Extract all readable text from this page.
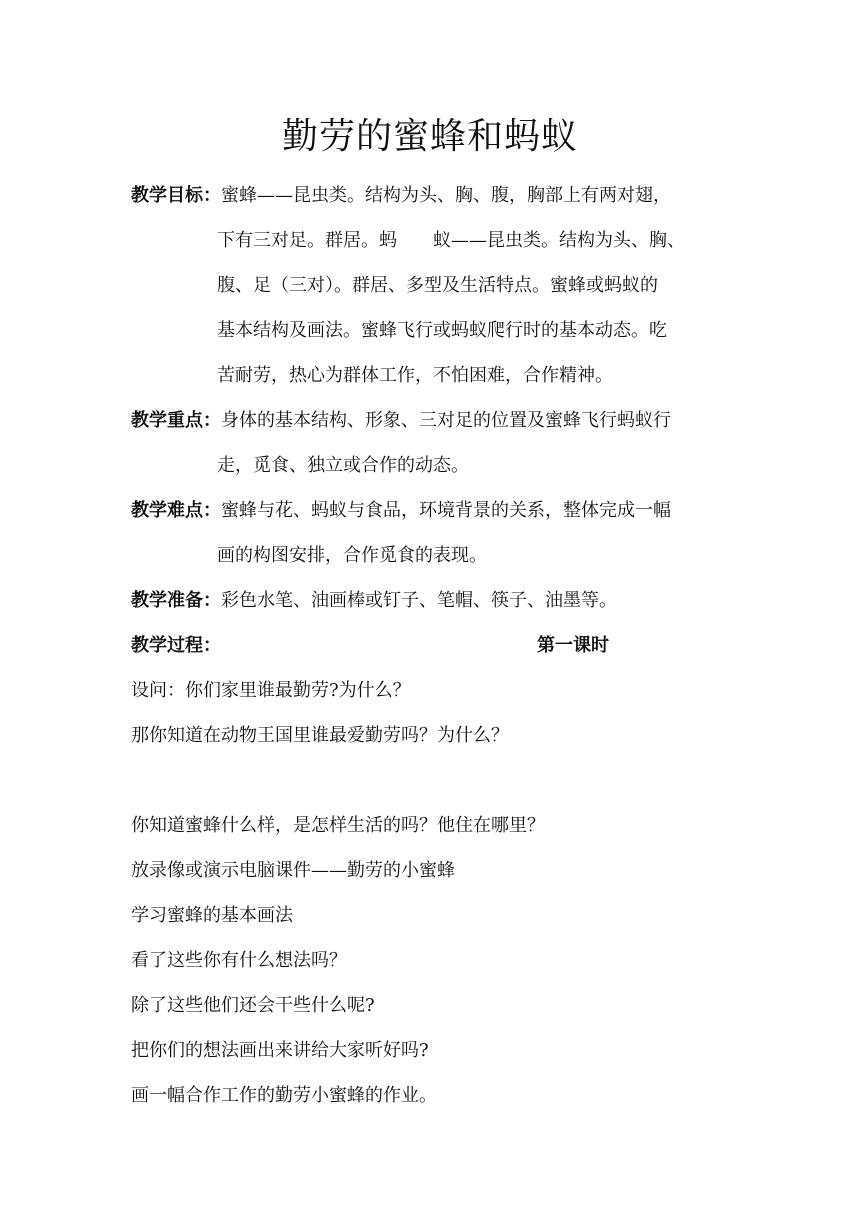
勤劳的蜜蜂和蚂蚁
教学目标：蜜蜂——昆虫类。结构为头、胸、腹，胸部上有两对翅，
下有三对足。群居。蚂　　蚁——昆虫类。结构为头、胸、
腹、足（三对）。群居、多型及生活特点。蜜蜂或蚂蚁的
基本结构及画法。蜜蜂飞行或蚂蚁爬行时的基本动态。吃
苦耐劳，热心为群体工作，不怕困难，合作精神。
教学重点：身体的基本结构、形象、三对足的位置及蜜蜂飞行蚂蚁行
走，觅食、独立或合作的动态。
教学难点：蜜蜂与花、蚂蚁与食品，环境背景的关系，整体完成一幅
画的构图安排，合作觅食的表现。
教学准备：彩色水笔、油画棒或钉子、笔帽、筷子、油墨等。
教学过程：	第一课时
设问：你们家里谁最勤劳?为什么？
那你知道在动物王国里谁最爱勤劳吗？为什么？
你知道蜜蜂什么样，是怎样生活的吗？他住在哪里？
放录像或演示电脑课件——勤劳的小蜜蜂
学习蜜蜂的基本画法
看了这些你有什么想法吗？
除了这些他们还会干些什么呢?
把你们的想法画出来讲给大家听好吗?
画一幅合作工作的勤劳小蜜蜂的作业。
